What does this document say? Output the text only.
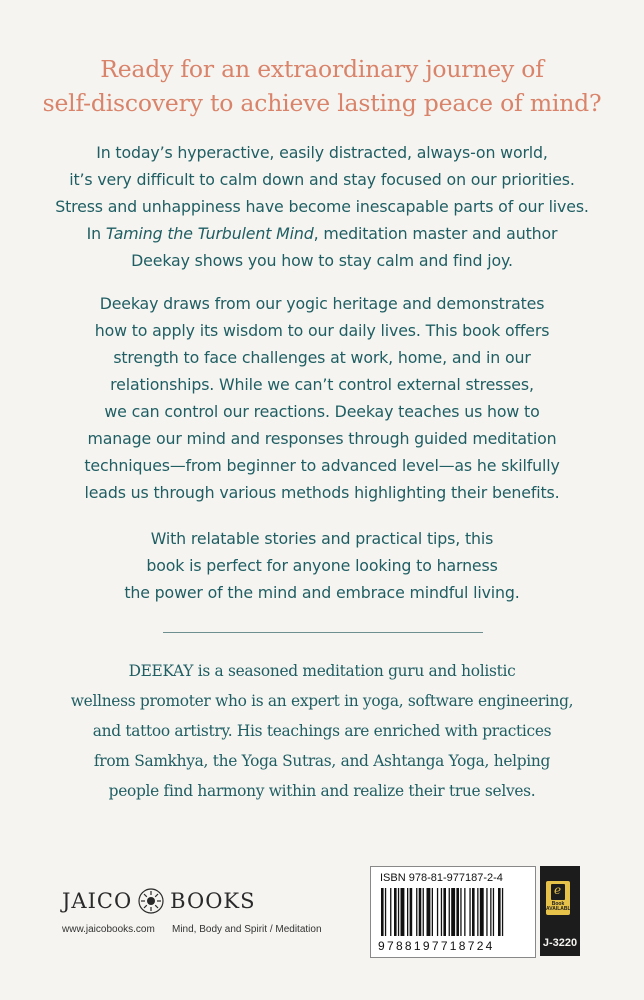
Ready for an extraordinary journey of
self-discovery to achieve lasting peace of mind?
In today’s hyperactive, easily distracted, always-on world,
it’s very difficult to calm down and stay focused on our priorities.
Stress and unhappiness have become inescapable parts of our lives.
In Taming the Turbulent Mind, meditation master and author
Deekay shows you how to stay calm and find joy.
Deekay draws from our yogic heritage and demonstrates
how to apply its wisdom to our daily lives. This book offers
strength to face challenges at work, home, and in our
relationships. While we can’t control external stresses,
we can control our reactions. Deekay teaches us how to
manage our mind and responses through guided meditation
techniques—from beginner to advanced level—as he skilfully
leads us through various methods highlighting their benefits.
With relatable stories and practical tips, this
book is perfect for anyone looking to harness
the power of the mind and embrace mindful living.
DEEKAY is a seasoned meditation guru and holistic
wellness promoter who is an expert in yoga, software engineering,
and tattoo artistry. His teachings are enriched with practices
from Samkhya, the Yoga Sutras, and Ashtanga Yoga, helping
people find harmony within and realize their true selves.
JAICO BOOKS
www.jaicobooks.com Mind, Body and Spirit / Meditation
ISBN 978-81-977187-2-4
9788197718724
e
Book AVAILABLE
J-3220
